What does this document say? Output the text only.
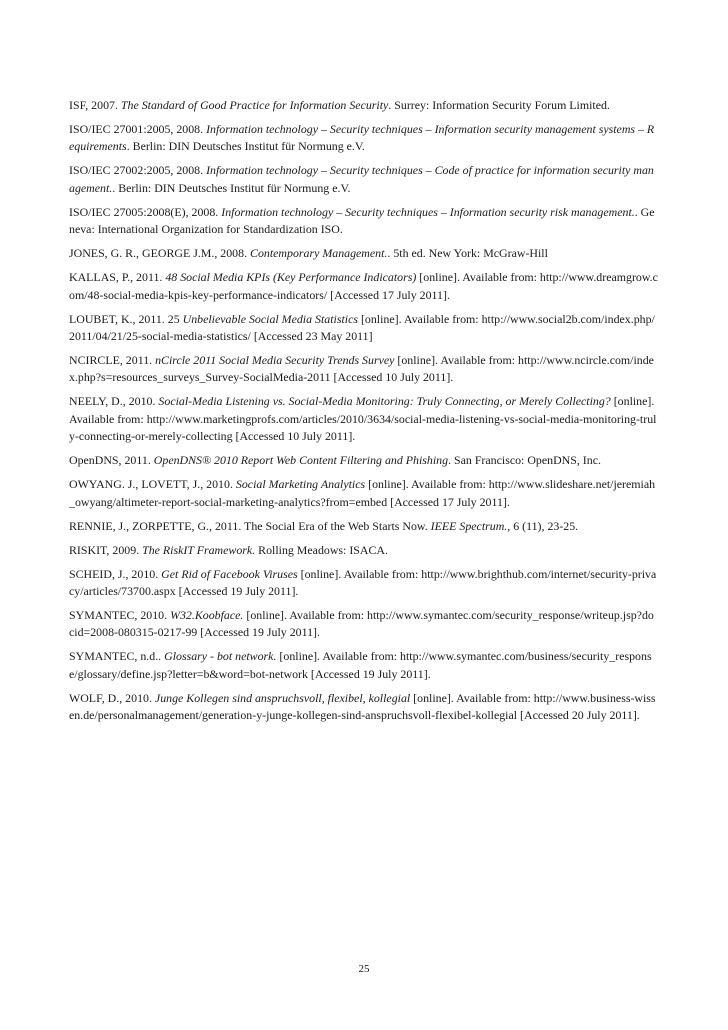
ISF, 2007. The Standard of Good Practice for Information Security. Surrey: Information Security Forum Limited.

ISO/IEC 27001:2005, 2008. Information technology – Security techniques – Information security management systems – Requirements. Berlin: DIN Deutsches Institut für Normung e.V.

ISO/IEC 27002:2005, 2008. Information technology – Security techniques – Code of practice for information security management.. Berlin: DIN Deutsches Institut für Normung e.V.

ISO/IEC 27005:2008(E), 2008. Information technology – Security techniques – Information security risk management.. Geneva: International Organization for Standardization ISO.

JONES, G. R., GEORGE J.M., 2008. Contemporary Management.. 5th ed. New York: McGraw-Hill

KALLAS, P., 2011. 48 Social Media KPIs (Key Performance Indicators) [online]. Available from: http://www.dreamgrow.com/48-social-media-kpis-key-performance-indicators/ [Accessed 17 July 2011].

LOUBET, K., 2011. 25 Unbelievable Social Media Statistics [online]. Available from: http://www.social2b.com/index.php/2011/04/21/25-social-media-statistics/ [Accessed 23 May 2011]

NCIRCLE, 2011. nCircle 2011 Social Media Security Trends Survey [online]. Available from: http://www.ncircle.com/index.php?s=resources_surveys_Survey-SocialMedia-2011 [Accessed 10 July 2011].

NEELY, D., 2010. Social-Media Listening vs. Social-Media Monitoring: Truly Connecting, or Merely Collecting? [online]. Available from: http://www.marketingprofs.com/articles/2010/3634/social-media-listening-vs-social-media-monitoring-truly-connecting-or-merely-collecting [Accessed 10 July 2011].

OpenDNS, 2011. OpenDNS® 2010 Report Web Content Filtering and Phishing. San Francisco: OpenDNS, Inc.

OWYANG. J., LOVETT, J., 2010. Social Marketing Analytics [online]. Available from: http://www.slideshare.net/jeremiah_owyang/altimeter-report-social-marketing-analytics?from=embed [Accessed 17 July 2011].

RENNIE, J., ZORPETTE, G., 2011. The Social Era of the Web Starts Now. IEEE Spectrum., 6 (11), 23-25.

RISKIT, 2009. The RiskIT Framework. Rolling Meadows: ISACA.

SCHEID, J., 2010. Get Rid of Facebook Viruses [online]. Available from: http://www.brighthub.com/internet/security-privacy/articles/73700.aspx [Accessed 19 July 2011].

SYMANTEC, 2010. W32.Koobface. [online]. Available from: http://www.symantec.com/security_response/writeup.jsp?docid=2008-080315-0217-99 [Accessed 19 July 2011].

SYMANTEC, n.d.. Glossary - bot network. [online]. Available from: http://www.symantec.com/business/security_response/glossary/define.jsp?letter=b&word=bot-network [Accessed 19 July 2011].

WOLF, D., 2010. Junge Kollegen sind anspruchsvoll, flexibel, kollegial [online]. Available from: http://www.business-wissen.de/personalmanagement/generation-y-junge-kollegen-sind-anspruchsvoll-flexibel-kollegial [Accessed 20 July 2011].

25
